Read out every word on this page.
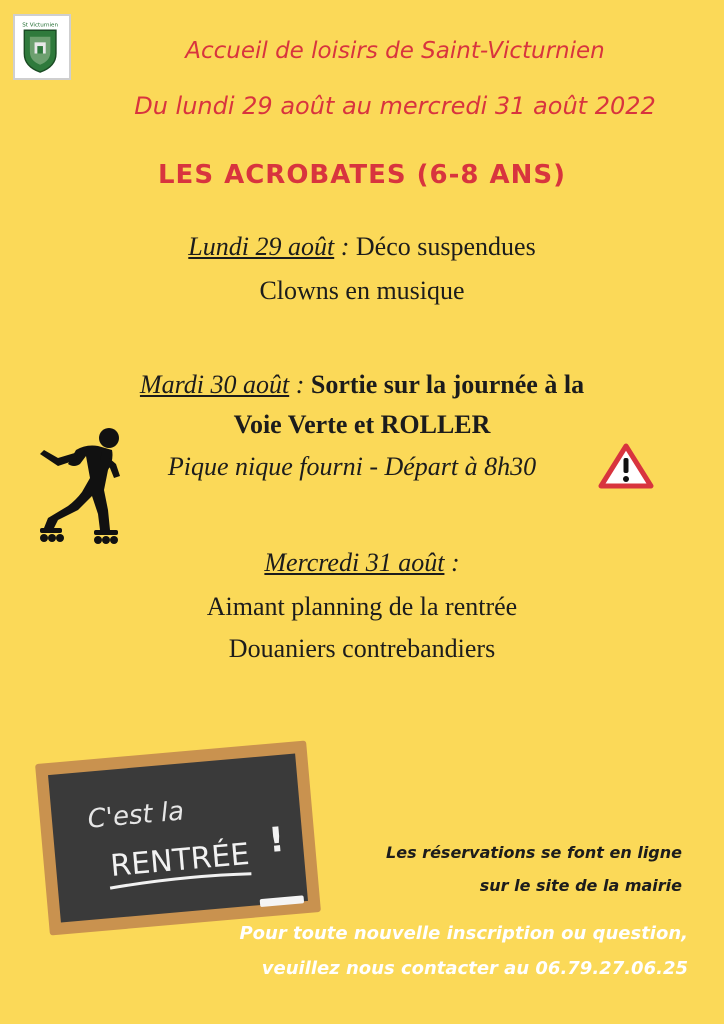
St Victurnien
Accueil de loisirs de Saint-Victurnien
Du lundi 29 août au mercredi 31 août 2022
LES ACROBATES (6-8 ANS)
Lundi 29 août : Déco suspendues
Clowns en musique
Mardi 30 août : Sortie sur la journée à la
Voie Verte et ROLLER
Pique nique fourni - Départ à 8h30
Mercredi 31 août :
Aimant planning de la rentrée
Douaniers contrebandiers
C'est la
RENTRÉE !	Les réservations se font en ligne
sur le site de la mairie
Pour toute nouvelle inscription ou question,
veuillez nous contacter au 06.79.27.06.25
